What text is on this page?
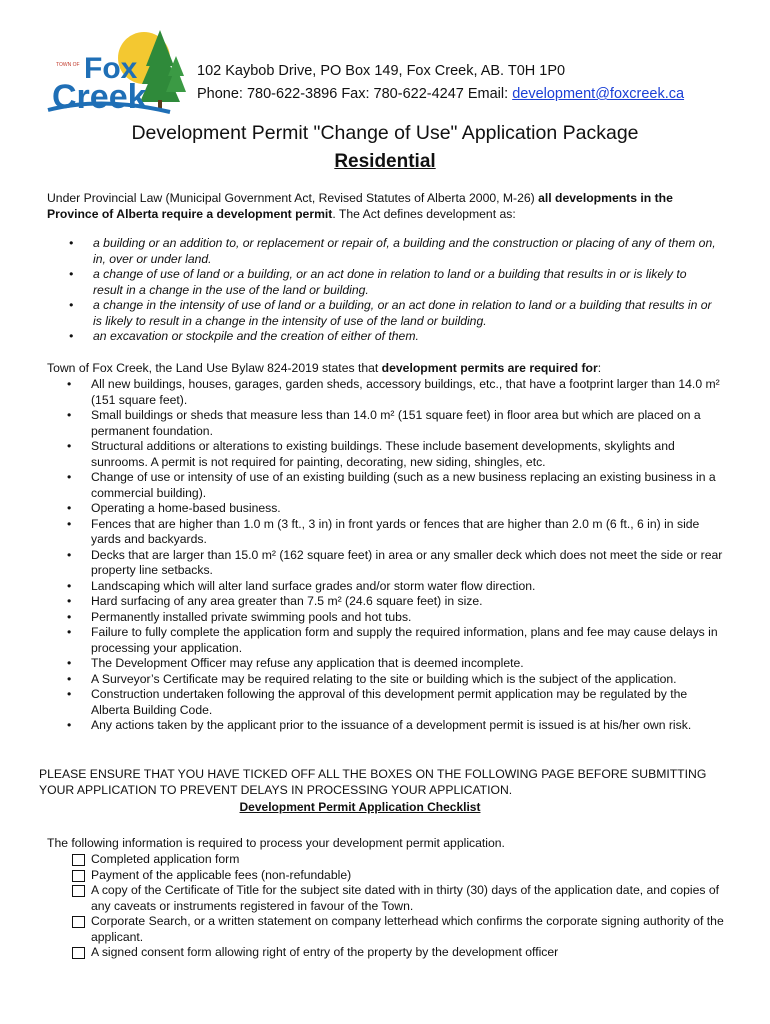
TOWN OF Fox
Creek
102 Kaybob Drive, PO Box 149, Fox Creek, AB. T0H 1P0
Phone: 780-622-3896 Fax: 780-622-4247 Email: development@foxcreek.ca
Development Permit "Change of Use" Application Package
Residential
Under Provincial Law (Municipal Government Act, Revised Statutes of Alberta 2000, M-26) all developments in the Province of Alberta require a development permit. The Act defines development as:
• a building or an addition to, or replacement or repair of, a building and the construction or placing of any of them on, in, over or under land.
• a change of use of land or a building, or an act done in relation to land or a building that results in or is likely to result in a change in the use of the land or building.
• a change in the intensity of use of land or a building, or an act done in relation to land or a building that results in or is likely to result in a change in the intensity of use of the land or building.
• an excavation or stockpile and the creation of either of them.
Town of Fox Creek, the Land Use Bylaw 824-2019 states that development permits are required for:
• All new buildings, houses, garages, garden sheds, accessory buildings, etc., that have a footprint larger than 14.0 m² (151 square feet).
• Small buildings or sheds that measure less than 14.0 m² (151 square feet) in floor area but which are placed on a permanent foundation.
• Structural additions or alterations to existing buildings. These include basement developments, skylights and sunrooms. A permit is not required for painting, decorating, new siding, shingles, etc.
• Change of use or intensity of use of an existing building (such as a new business replacing an existing business in a commercial building).
• Operating a home-based business.
• Fences that are higher than 1.0 m (3 ft., 3 in) in front yards or fences that are higher than 2.0 m (6 ft., 6 in) in side yards and backyards.
• Decks that are larger than 15.0 m² (162 square feet) in area or any smaller deck which does not meet the side or rear property line setbacks.
• Landscaping which will alter land surface grades and/or storm water flow direction.
• Hard surfacing of any area greater than 7.5 m² (24.6 square feet) in size.
• Permanently installed private swimming pools and hot tubs.
• Failure to fully complete the application form and supply the required information, plans and fee may cause delays in processing your application.
• The Development Officer may refuse any application that is deemed incomplete.
• A Surveyor’s Certificate may be required relating to the site or building which is the subject of the application.
• Construction undertaken following the approval of this development permit application may be regulated by the Alberta Building Code.
• Any actions taken by the applicant prior to the issuance of a development permit is issued is at his/her own risk.
PLEASE ENSURE THAT YOU HAVE TICKED OFF ALL THE BOXES ON THE FOLLOWING PAGE BEFORE SUBMITTING YOUR APPLICATION TO PREVENT DELAYS IN PROCESSING YOUR APPLICATION.
Development Permit Application Checklist
The following information is required to process your development permit application.
Completed application form
Payment of the applicable fees (non-refundable)
A copy of the Certificate of Title for the subject site dated with in thirty (30) days of the application date, and copies of any caveats or instruments registered in favour of the Town.
Corporate Search, or a written statement on company letterhead which confirms the corporate signing authority of the applicant.
A signed consent form allowing right of entry of the property by the development officer
